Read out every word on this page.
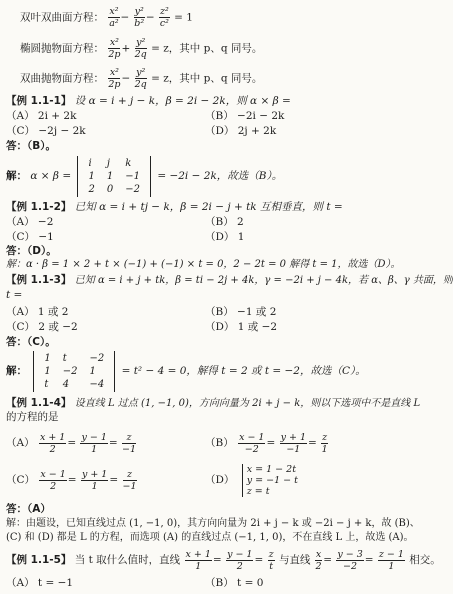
双叶双曲面方程： $\frac{\text{x²}}{\text{a²}} - \frac{\text{y²}}{\text{b²}} - \frac{\text{z²}}{\text{c²}} = 1$
椭圆抛物面方程： $\frac{\text{x²}}{2p} + \frac{\text{y²}}{2q} = z$，其中 p、q 同号。
双曲抛物面方程： $\frac{\text{x²}}{2p} - \frac{\text{y²}}{2q} = z$，其中 p、q 同号。
【例 1.1-1】 设 α = i + j − k，β = 2i − 2k，则 α × β =
（A） 2i + 2k	（B） −2i − 2k
（C） −2j − 2k	（D） 2j + 2k
答：（B）。
解： α × β =
i	j	k
1	1	−1
2	0	−2
= −2i − 2k，故选（B）。
【例 1.1-2】 已知 α = i + tj − k，β = 2i − j + tk 互相垂直，则 t =
（A） −2	（B） 2
（C） −1	（D） 1
答：（D）。
解：α · β = 1 × 2 + t × (−1) + (−1) × t = 0，2 − 2t = 0 解得 t = 1，故选（D）。
【例 1.1-3】 已知 α = i + j + tk，β = ti − 2j + 4k，γ = −2i + j − 4k，若 α、β、γ 共面，则
t =
（A） 1 或 2	（B） −1 或 2
（C） 2 或 −2	（D） 1 或 −2
答：（C）。
解：
1	t	−2
1	−2	1
t	4	−4
= t² − 4 = 0，解得 t = 2 或 t = −2，故选（C）。
【例 1.1-4】 设直线 L 过点 (1, −1, 0)，方向向量为 2i + j − k，则以下选项中不是直线 L
的方程的是
$(A) \frac{x + 1}{2} = \frac{y - 1}{1} = \frac{z}{-1}$	$(B) \frac{x - 1}{-2} = \frac{y + 1}{-1} = \frac{z}{1}$
$(C) \frac{x - 1}{2} = \frac{y + 1}{1} = \frac{z}{-1}$	（D）
x = 1 − 2t
y = −1 − t
z = t
答：（A）
解：由题设，已知直线过点 (1, −1, 0)，其方向向量为 2i + j − k 或 −2i − j + k，故 (B)、
(C) 和 (D) 都是 L 的方程，而选项 (A) 的直线过点 (−1, 1, 0)，不在直线 L 上，故选 (A)。
【例 1.1-5】 当 t 取什么值时，直线 $\frac{x + 1}{1} = \frac{y - 1}{2} = \frac{z}{t}$ 与直线 $\frac{x}{2} = \frac{y - 3}{-2} = \frac{z - 1}{1}$ 相交。
（A） t = −1	（B） t = 0
